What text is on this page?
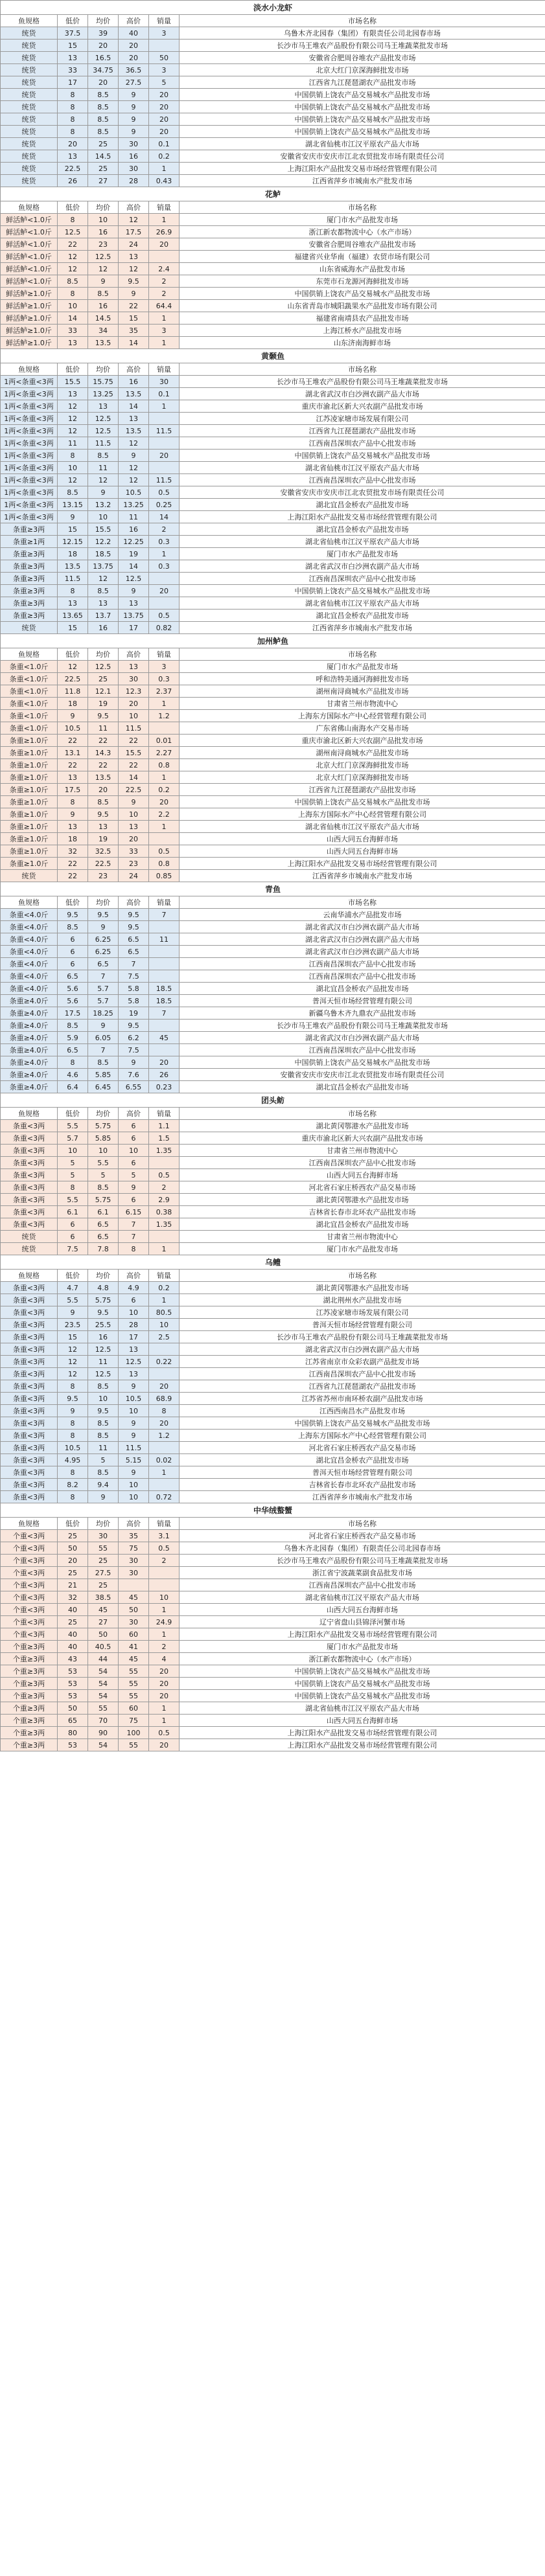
淡水小龙虾					
鱼规格	低价	均价	高价	销量	市场名称
统货	37.5	39	40	3	乌鲁木齐北园春（集团）有限责任公司北园春市场
统货	15	20	20		长沙市马王堆农产品股份有限公司马王堆蔬菜批发市场
统货	13	16.5	20	50	安徽省合肥周谷堆农产品批发市场
统货	33	34.75	36.5	3	北京大红门京深海鲜批发市场
统货	17	20	27.5	5	江西省九江琵琶湖农产品批发市场
统货	8	8.5	9	20	中国供销上饶农产品交易城水产品批发市场
统货	8	8.5	9	20	中国供销上饶农产品交易城水产品批发市场
统货	8	8.5	9	20	中国供销上饶农产品交易城水产品批发市场
统货	8	8.5	9	20	中国供销上饶农产品交易城水产品批发市场
统货	20	25	30	0.1	湖北省仙桃市江汉平原农产品大市场
统货	13	14.5	16	0.2	安徽省安庆市安庆市江北农贸批发市场有限责任公司
统货	22.5	25	30	1	上海江阳水产品批发交易市场经营管理有限公司
统货	26	27	28	0.43	江西省萍乡市城南水产批发市场
花鲈					
鱼规格	低价	均价	高价	销量	市场名称
鲜活鲈<1.0斤	8	10	12	1	厦门市水产品批发市场
鲜活鲈<1.0斤	12.5	16	17.5	26.9	浙江新农都物流中心（水产市场）
鲜活鲈<1.0斤	22	23	24	20	安徽省合肥周谷堆农产品批发市场
鲜活鲈<1.0斤	12	12.5	13		福建省兴业华南（福建）农贸市场有限公司
鲜活鲈<1.0斤	12	12	12	2.4	山东省威海水产品批发市场
鲜活鲈<1.0斤	8.5	9	9.5	2	东莞市石龙源河海鲜批发市场
鲜活鲈≥1.0斤	8	8.5	9	2	中国供销上饶农产品交易城水产品批发市场
鲜活鲈≥1.0斤	10	16	22	64.4	山东省青岛市城阳蔬果水产品批发市场有限公司
鲜活鲈≥1.0斤	14	14.5	15	1	福建省南靖县农产品批发市场
鲜活鲈≥1.0斤	33	34	35	3	上海江桥水产品批发市场
鲜活鲈≥1.0斤	13	13.5	14	1	山东济南海鲜市场
黄颡鱼					
鱼规格	低价	均价	高价	销量	市场名称
1两<条重<3两	15.5	15.75	16	30	长沙市马王堆农产品股份有限公司马王堆蔬菜批发市场
1两<条重<3两	13	13.25	13.5	0.1	湖北省武汉市白沙洲农副产品大市场
1两<条重<3两	12	13	14	1	重庆市渝北区新大兴农副产品批发市场
1两<条重<3两	12	12.5	13		江苏凌家塘市场发展有限公司
1两<条重<3两	12	12.5	13.5	11.5	江西省九江琵琶湖农产品批发市场
1两<条重<3两	11	11.5	12		江西南昌深圳农产品中心批发市场
1两<条重<3两	8	8.5	9	20	中国供销上饶农产品交易城水产品批发市场
1两<条重<3两	10	11	12		湖北省仙桃市江汉平原农产品大市场
1两<条重<3两	12	12	12	11.5	江西南昌深圳农产品中心批发市场
1两<条重<3两	8.5	9	10.5	0.5	安徽省安庆市安庆市江北农贸批发市场有限责任公司
1两<条重<3两	13.15	13.2	13.25	0.25	湖北宜昌金桥农产品批发市场
1两<条重<3两	9	10	11	14	上海江阳水产品批发交易市场经营管理有限公司
条重≥3两	15	15.5	16	2	湖北宜昌金桥农产品批发市场
条重≥1两	12.15	12.2	12.25	0.3	湖北省仙桃市江汉平原农产品大市场
条重≥3两	18	18.5	19	1	厦门市水产品批发市场
条重≥3两	13.5	13.75	14	0.3	湖北省武汉市白沙洲农副产品大市场
条重≥3两	11.5	12	12.5		江西南昌深圳农产品中心批发市场
条重≥3两	8	8.5	9	20	中国供销上饶农产品交易城水产品批发市场
条重≥3两	13	13	13		湖北省仙桃市江汉平原农产品大市场
条重≥3两	13.65	13.7	13.75	0.5	湖北宜昌金桥农产品批发市场
统货	15	16	17	0.82	江西省萍乡市城南水产批发市场
加州鲈鱼					
鱼规格	低价	均价	高价	销量	市场名称
条重<1.0斤	12	12.5	13	3	厦门市水产品批发市场
条重<1.0斤	22.5	25	30	0.3	呼和浩特美通河海鲜批发市场
条重<1.0斤	11.8	12.1	12.3	2.37	湖州南浔商城水产品批发市场
条重<1.0斤	18	19	20	1	甘肃省兰州市物流中心
条重<1.0斤	9	9.5	10	1.2	上海东方国际水产中心经营管理有限公司
条重<1.0斤	10.5	11	11.5		广东省佛山南海水产交易市场
条重≥1.0斤	22	22	22	0.01	重庆市渝北区新大兴农副产品批发市场
条重≥1.0斤	13.1	14.3	15.5	2.27	湖州南浔商城水产品批发市场
条重≥1.0斤	22	22	22	0.8	北京大红门京深海鲜批发市场
条重≥1.0斤	13	13.5	14	1	北京大红门京深海鲜批发市场
条重≥1.0斤	17.5	20	22.5	0.2	江西省九江琵琶湖农产品批发市场
条重≥1.0斤	8	8.5	9	20	中国供销上饶农产品交易城水产品批发市场
条重≥1.0斤	9	9.5	10	2.2	上海东方国际水产中心经营管理有限公司
条重≥1.0斤	13	13	13	1	湖北省仙桃市江汉平原农产品大市场
条重≥1.0斤	18	19	20		山西大同五台海鲜市场
条重≥1.0斤	32	32.5	33	0.5	山西大同五台海鲜市场
条重≥1.0斤	22	22.5	23	0.8	上海江阳水产品批发交易市场经营管理有限公司
统货	22	23	24	0.85	江西省萍乡市城南水产批发市场
青鱼					
鱼规格	低价	均价	高价	销量	市场名称
条重<4.0斤	9.5	9.5	9.5	7	云南华浦水产品批发市场
条重<4.0斤	8.5	9	9.5		湖北省武汉市白沙洲农副产品大市场
条重<4.0斤	6	6.25	6.5	11	湖北省武汉市白沙洲农副产品大市场
条重<4.0斤	6	6.25	6.5		湖北省武汉市白沙洲农副产品大市场
条重<4.0斤	6	6.5	7		江西南昌深圳农产品中心批发市场
条重<4.0斤	6.5	7	7.5		江西南昌深圳农产品中心批发市场
条重<4.0斤	5.6	5.7	5.8	18.5	湖北宜昌金桥农产品批发市场
条重≥4.0斤	5.6	5.7	5.8	18.5	普洱天恒市场经营管理有限公司
条重≥4.0斤	17.5	18.25	19	7	新疆乌鲁木齐九鼎农产品批发市场
条重≥4.0斤	8.5	9	9.5		长沙市马王堆农产品股份有限公司马王堆蔬菜批发市场
条重≥4.0斤	5.9	6.05	6.2	45	湖北省武汉市白沙洲农副产品大市场
条重≥4.0斤	6.5	7	7.5		江西南昌深圳农产品中心批发市场
条重≥4.0斤	8	8.5	9	20	中国供销上饶农产品交易城水产品批发市场
条重≥4.0斤	4.6	5.85	7.6	26	安徽省安庆市安庆市江北农贸批发市场有限责任公司
条重≥4.0斤	6.4	6.45	6.55	0.23	湖北宜昌金桥农产品批发市场
团头鲂					
鱼规格	低价	均价	高价	销量	市场名称
条重<3两	5.5	5.75	6	1.1	湖北黄冈鄂港水产品批发市场
条重<3两	5.7	5.85	6	1.5	重庆市渝北区新大兴农副产品批发市场
条重<3两	10	10	10	1.35	甘肃省兰州市物流中心
条重<3两	5	5.5	6		江西南昌深圳农产品中心批发市场
条重<3两	5	5	5	0.5	山西大同五台海鲜市场
条重<3两	8	8.5	9	2	河北省石家庄桥西农产品交易市场
条重<3两	5.5	5.75	6	2.9	湖北黄冈鄂港水产品批发市场
条重<3两	6.1	6.1	6.15	0.38	吉林省长春市北环农产品批发市场
条重<3两	6	6.5	7	1.35	湖北宜昌金桥农产品批发市场
统货	6	6.5	7		甘肃省兰州市物流中心
统货	7.5	7.8	8	1	厦门市水产品批发市场
乌鳢					
鱼规格	低价	均价	高价	销量	市场名称
条重<3两	4.7	4.8	4.9	0.2	湖北黄冈鄂港水产品批发市场
条重<3两	5.5	5.75	6	1	湖北荆州水产品批发市场
条重<3两	9	9.5	10	80.5	江苏凌家塘市场发展有限公司
条重<3两	23.5	25.5	28	10	普洱天恒市场经营管理有限公司
条重<3两	15	16	17	2.5	长沙市马王堆农产品股份有限公司马王堆蔬菜批发市场
条重<3两	12	12.5	13		湖北省武汉市白沙洲农副产品大市场
条重<3两	12	11	12.5	0.22	江苏省南京市众彩农副产品批发市场
条重<3两	12	12.5	13		江西南昌深圳农产品中心批发市场
条重<3两	8	8.5	9	20	江西省九江琵琶湖农产品批发市场
条重<3两	9.5	10	10.5	68.9	江苏省苏州市南环桥农副产品批发市场
条重<3两	9	9.5	10	8	江西西南昌水产品批发市场
条重<3两	8	8.5	9	20	中国供销上饶农产品交易城水产品批发市场
条重<3两	8	8.5	9	1.2	上海东方国际水产中心经营管理有限公司
条重<3两	10.5	11	11.5		河北省石家庄桥西农产品交易市场
条重<3两	4.95	5	5.15	0.02	湖北宜昌金桥农产品批发市场
条重<3两	8	8.5	9	1	普洱天恒市场经营管理有限公司
条重<3两	8.2	9.4	10		吉林省长春市北环农产品批发市场
条重<3两	8	9	10	0.72	江西省萍乡市城南水产批发市场
中华绒螯蟹					
鱼规格	低价	均价	高价	销量	市场名称
个重<3两	25	30	35	3.1	河北省石家庄桥西农产品交易市场
个重<3两	50	55	75	0.5	乌鲁木齐北园春（集团）有限责任公司北园春市场
个重<3两	20	25	30	2	长沙市马王堆农产品股份有限公司马王堆蔬菜批发市场
个重<3两	25	27.5	30		浙江省宁波蔬菜副食品批发市场
个重<3两	21	25			江西南昌深圳农产品中心批发市场
个重<3两	32	38.5	45	10	湖北省仙桃市江汉平原农产品大市场
个重<3两	40	45	50	1	山西大同五台海鲜市场
个重<3两	25	27	30	24.9	辽宁省盘山县锦泽河蟹市场
个重<3两	40	50	60	1	上海江阳水产品批发交易市场经营管理有限公司
个重≥3两	40	40.5	41	2	厦门市水产品批发市场
个重≥3两	43	44	45	4	浙江新农都物流中心（水产市场）
个重≥3两	53	54	55	20	中国供销上饶农产品交易城水产品批发市场
个重≥3两	53	54	55	20	中国供销上饶农产品交易城水产品批发市场
个重≥3两	53	54	55	20	中国供销上饶农产品交易城水产品批发市场
个重≥3两	50	55	60	1	湖北省仙桃市江汉平原农产品大市场
个重≥3两	65	70	75	1	山西大同五台海鲜市场
个重≥3两	80	90	100	0.5	上海江阳水产品批发交易市场经营管理有限公司
个重≥3两	53	54	55	20	上海江阳水产品批发交易市场经营管理有限公司
